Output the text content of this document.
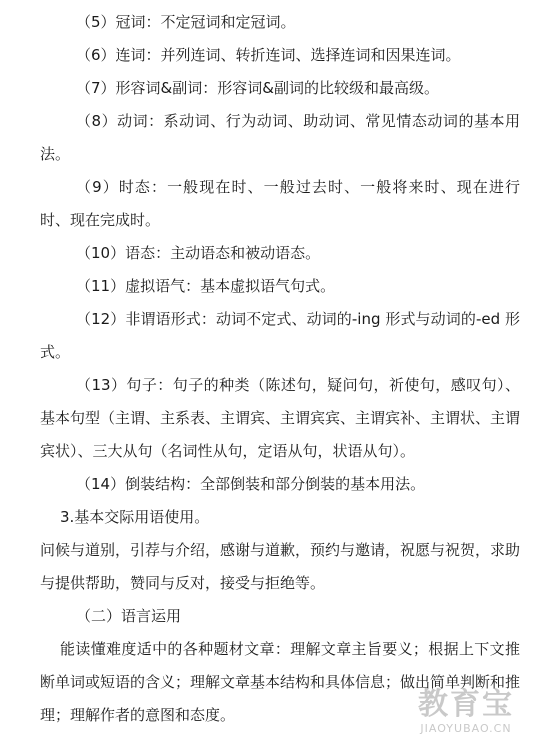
（5）冠词：不定冠词和定冠词。

（6）连词：并列连词、转折连词、选择连词和因果连词。

（7）形容词&副词：形容词&副词的比较级和最高级。

（8）动词：系动词、行为动词、助动词、常见情态动词的基本用法。

（9）时态：一般现在时、一般过去时、一般将来时、现在进行时、现在完成时。

（10）语态：主动语态和被动语态。

（11）虚拟语气：基本虚拟语气句式。

（12）非谓语形式：动词不定式、动词的-ing 形式与动词的-ed 形式。

（13）句子：句子的种类（陈述句，疑问句，祈使句，感叹句）、基本句型（主谓、主系表、主谓宾、主谓宾宾、主谓宾补、主谓状、主谓宾状）、三大从句（名词性从句，定语从句，状语从句）。

（14）倒装结构：全部倒装和部分倒装的基本用法。

3.基本交际用语使用。

问候与道别，引荐与介绍，感谢与道歉，预约与邀请，祝愿与祝贺，求助与提供帮助，赞同与反对，接受与拒绝等。

（二）语言运用

能读懂难度适中的各种题材文章：理解文章主旨要义；根据上下文推断单词或短语的含义；理解文章基本结构和具体信息；做出简单判断和推理；理解作者的意图和态度。	教育宝
JIAOYUBAO.CN
